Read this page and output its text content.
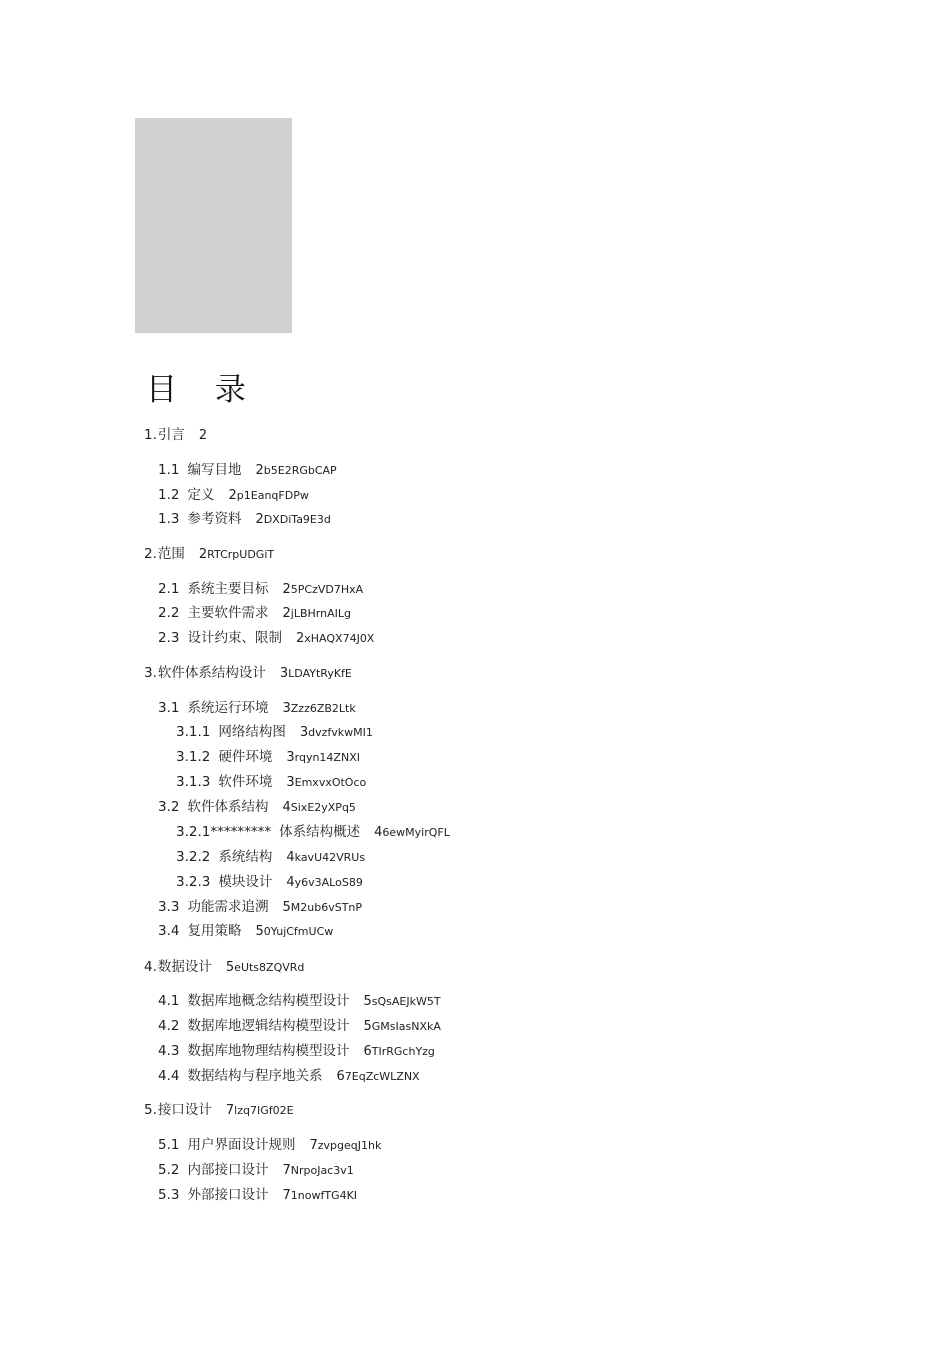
目 录
1.引言 2
1.1 编写目地 2b5E2RGbCAP
1.2 定义 2p1EanqFDPw
1.3 参考资料 2DXDiTa9E3d
2.范围 2RTCrpUDGiT
2.1 系统主要目标 25PCzVD7HxA
2.2 主要软件需求 2jLBHrnAILg
2.3 设计约束、限制 2xHAQX74J0X
3.软件体系结构设计 3LDAYtRyKfE
3.1 系统运行环境 3Zzz6ZB2Ltk
3.1.1 网络结构图 3dvzfvkwMI1
3.1.2 硬件环境 3rqyn14ZNXI
3.1.3 软件环境 3EmxvxOtOco
3.2 软件体系结构 4SixE2yXPq5
3.2.1********* 体系结构概述 46ewMyirQFL
3.2.2 系统结构 4kavU42VRUs
3.2.3 模块设计 4y6v3ALoS89
3.3 功能需求追溯 5M2ub6vSTnP
3.4 复用策略 50YujCfmUCw
4.数据设计 5eUts8ZQVRd
4.1 数据库地概念结构模型设计 5sQsAEJkW5T
4.2 数据库地逻辑结构模型设计 5GMsIasNXkA
4.3 数据库地物理结构模型设计 6TIrRGchYzg
4.4 数据结构与程序地关系 67EqZcWLZNX
5.接口设计 7lzq7IGf02E
5.1 用户界面设计规则 7zvpgeqJ1hk
5.2 内部接口设计 7NrpoJac3v1
5.3 外部接口设计 71nowfTG4KI
